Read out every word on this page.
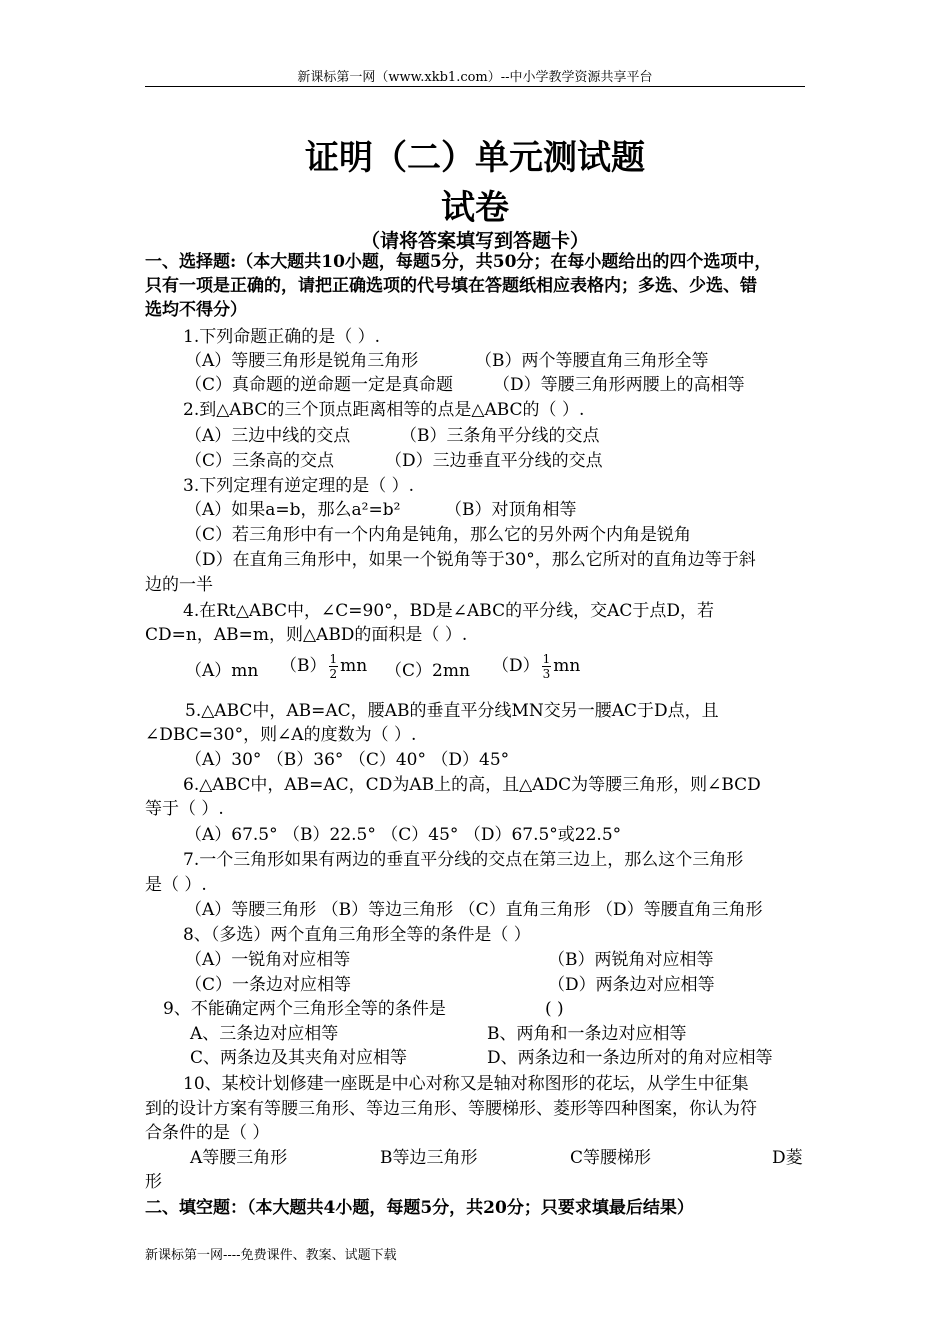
新课标第一网（www.xkb1.com）--中小学教学资源共享平台
证明（二）单元测试题
试卷
（请将答案填写到答题卡）
一、选择题:（本大题共10小题，每题5分，共50分；在每小题给出的四个选项中，
只有一项是正确的，请把正确选项的代号填在答题纸相应表格内；多选、少选、错
选均不得分）
1.下列命题正确的是（ ）.
（A）等腰三角形是锐角三角形	（B）两个等腰直角三角形全等
（C）真命题的逆命题一定是真命题 （D）等腰三角形两腰上的高相等
2.到△ABC的三个顶点距离相等的点是△ABC的（ ）.
（A）三边中线的交点	（B）三条角平分线的交点
（C）三条高的交点	（D）三边垂直平分线的交点
3.下列定理有逆定理的是（ ）.
（A）如果a=b，那么a²=b²	（B）对顶角相等
（C）若三角形中有一个内角是钝角，那么它的另外两个内角是锐角
（D）在直角三角形中，如果一个锐角等于30°，那么它所对的直角边等于斜
边的一半
4.在Rt△ABC中，∠C=90°，BD是∠ABC的平分线，交AC于点D，若
CD=n，AB=m，则△ABD的面积是（ ）.
（A）mn $(B) \frac{1}{2}$ mn （C）2mn $(D) \frac{1}{3}$ mn
5.△ABC中，AB=AC，腰AB的垂直平分线MN交另一腰AC于D点，且
∠DBC=30°，则∠A的度数为（ ）.
（A）30° （B）36° （C）40° （D）45°
6.△ABC中，AB=AC，CD为AB上的高，且△ADC为等腰三角形，则∠BCD
等于（ ）.
（A）67.5° （B）22.5° （C）45° （D）67.5°或22.5°
7.一个三角形如果有两边的垂直平分线的交点在第三边上，那么这个三角形
是（ ）.
（A）等腰三角形 （B）等边三角形 （C）直角三角形 （D）等腰直角三角形
8、（多选）两个直角三角形全等的条件是（ ）
（A）一锐角对应相等	（B）两锐角对应相等
（C）一条边对应相等	（D）两条边对应相等
9、不能确定两个三角形全等的条件是	( )
A、三条边对应相等	B、两角和一条边对应相等
C、两条边及其夹角对应相等	D、两条边和一条边所对的角对应相等
10、某校计划修建一座既是中心对称又是轴对称图形的花坛，从学生中征集
到的设计方案有等腰三角形、等边三角形、等腰梯形、菱形等四种图案，你认为符
合条件的是（ ）
A等腰三角形	B等边三角形	C等腰梯形	D菱
形
二、填空题：（本大题共4小题，每题5分，共20分；只要求填最后结果）
新课标第一网----免费课件、教案、试题下载
